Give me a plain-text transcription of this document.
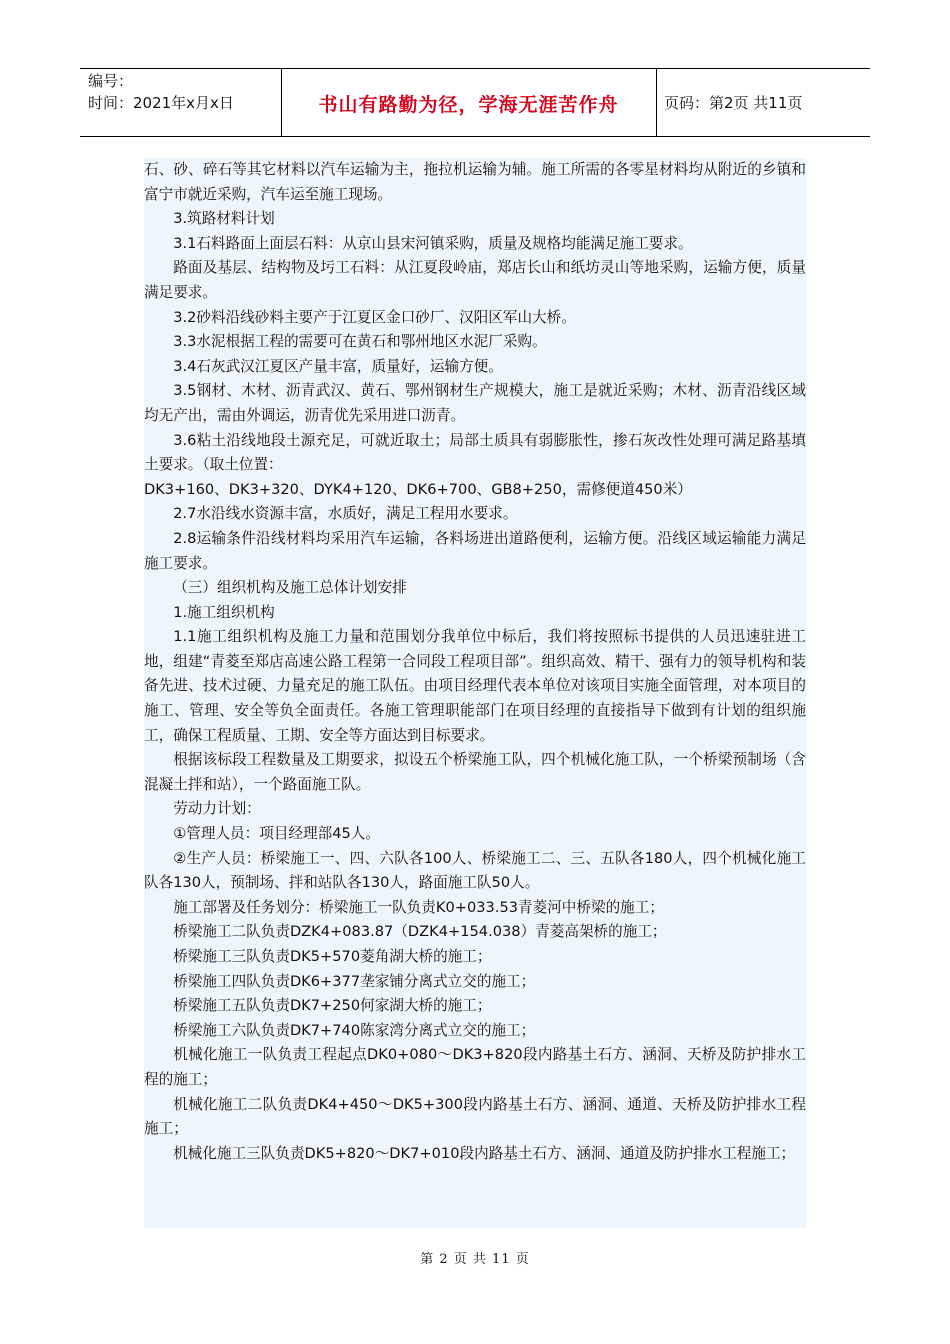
编号：
时间：2021年x月x日	书山有路勤为径，学海无涯苦作舟	页码：第2页 共11页

石、砂、碎石等其它材料以汽车运输为主，拖拉机运输为辅。施工所需的各零星材料均从附近的乡镇和富宁市就近采购，汽车运至施工现场。

3.筑路材料计划

3.1石料路面上面层石料：从京山县宋河镇采购，质量及规格均能满足施工要求。

路面及基层、结构物及圬工石料：从江夏段岭庙，郑店长山和纸坊灵山等地采购，运输方便，质量满足要求。

3.2砂料沿线砂料主要产于江夏区金口砂厂、汉阳区军山大桥。

3.3水泥根据工程的需要可在黄石和鄂州地区水泥厂采购。

3.4石灰武汉江夏区产量丰富，质量好，运输方便。

3.5钢材、木材、沥青武汉、黄石、鄂州钢材生产规模大，施工是就近采购；木材、沥青沿线区域均无产出，需由外调运，沥青优先采用进口沥青。

3.6粘土沿线地段土源充足，可就近取土；局部土质具有弱膨胀性，掺石灰改性处理可满足路基填土要求。（取土位置：

DK3+160、DK3+320、DYK4+120、DK6+700、GB8+250，需修便道450米）

2.7水沿线水资源丰富，水质好，满足工程用水要求。

2.8运输条件沿线材料均采用汽车运输，各料场进出道路便利，运输方便。沿线区域运输能力满足施工要求。

（三）组织机构及施工总体计划安排

1.施工组织机构

1.1施工组织机构及施工力量和范围划分我单位中标后，我们将按照标书提供的人员迅速驻进工地，组建“青菱至郑店高速公路工程第一合同段工程项目部”。组织高效、精干、强有力的领导机构和装备先进、技术过硬、力量充足的施工队伍。由项目经理代表本单位对该项目实施全面管理，对本项目的施工、管理、安全等负全面责任。各施工管理职能部门在项目经理的直接指导下做到有计划的组织施工，确保工程质量、工期、安全等方面达到目标要求。

根据该标段工程数量及工期要求，拟设五个桥梁施工队，四个机械化施工队，一个桥梁预制场（含混凝土拌和站），一个路面施工队。

劳动力计划：

①管理人员：项目经理部45人。

②生产人员：桥梁施工一、四、六队各100人、桥梁施工二、三、五队各180人，四个机械化施工队各130人，预制场、拌和站队各130人，路面施工队50人。

施工部署及任务划分：桥梁施工一队负责K0+033.53青菱河中桥梁的施工；

桥梁施工二队负责DZK4+083.87（DZK4+154.038）青菱高架桥的施工；

桥梁施工三队负责DK5+570菱角湖大桥的施工；

桥梁施工四队负责DK6+377垄家铺分离式立交的施工；

桥梁施工五队负责DK7+250何家湖大桥的施工；

桥梁施工六队负责DK7+740陈家湾分离式立交的施工；

机械化施工一队负责工程起点DK0+080～DK3+820段内路基土石方、涵洞、天桥及防护排水工程的施工；

机械化施工二队负责DK4+450～DK5+300段内路基土石方、涵洞、通道、天桥及防护排水工程施工；

机械化施工三队负责DK5+820～DK7+010段内路基土石方、涵洞、通道及防护排水工程施工；

第 2 页 共 11 页
